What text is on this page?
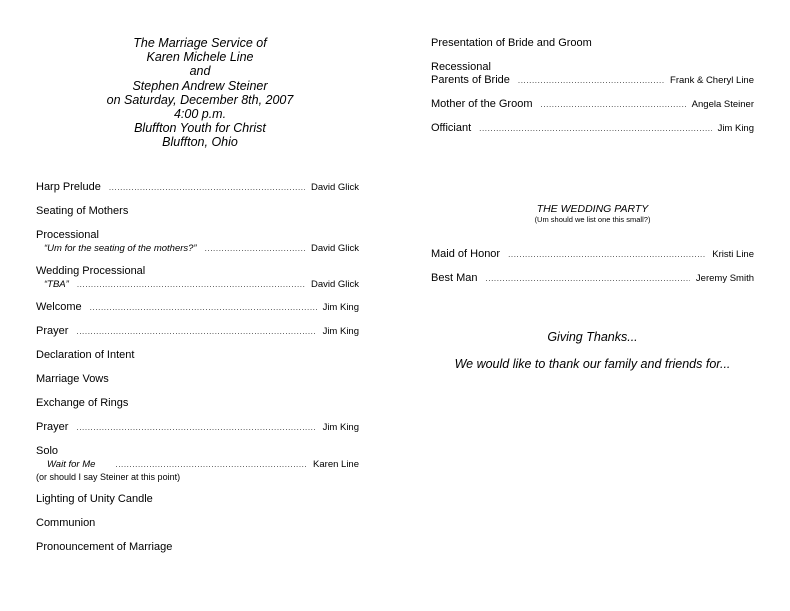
The Marriage Service of
Karen Michele Line
and
Stephen Andrew Steiner
on Saturday, December 8th, 2007
4:00 p.m.
Bluffton Youth for Christ
Bluffton, Ohio
Harp Prelude .....	David Glick
Seating of Mothers
Processional
“Um for the seating of the mothers?” .....	David Glick
Wedding Processional
“TBA” .....	David Glick
Welcome .....	Jim King
Prayer .....	Jim King
Declaration of Intent
Marriage Vows
Exchange of Rings
Prayer .....	Jim King
Solo
Wait for Me .....	Karen Line
(or should I say Steiner at this point)
Lighting of Unity Candle
Communion
Pronouncement of Marriage
Presentation of Bride and Groom
Recessional
Parents of Bride .....	Frank & Cheryl Line
Mother of the Groom .....	Angela Steiner
Officiant .....	Jim King
Maid of Honor .....	Kristi Line
Best Man .....	Jeremy Smith
THE WEDDING PARTY
(Um should we list one this small?)
Giving Thanks...
We would like to thank our family and friends for...
